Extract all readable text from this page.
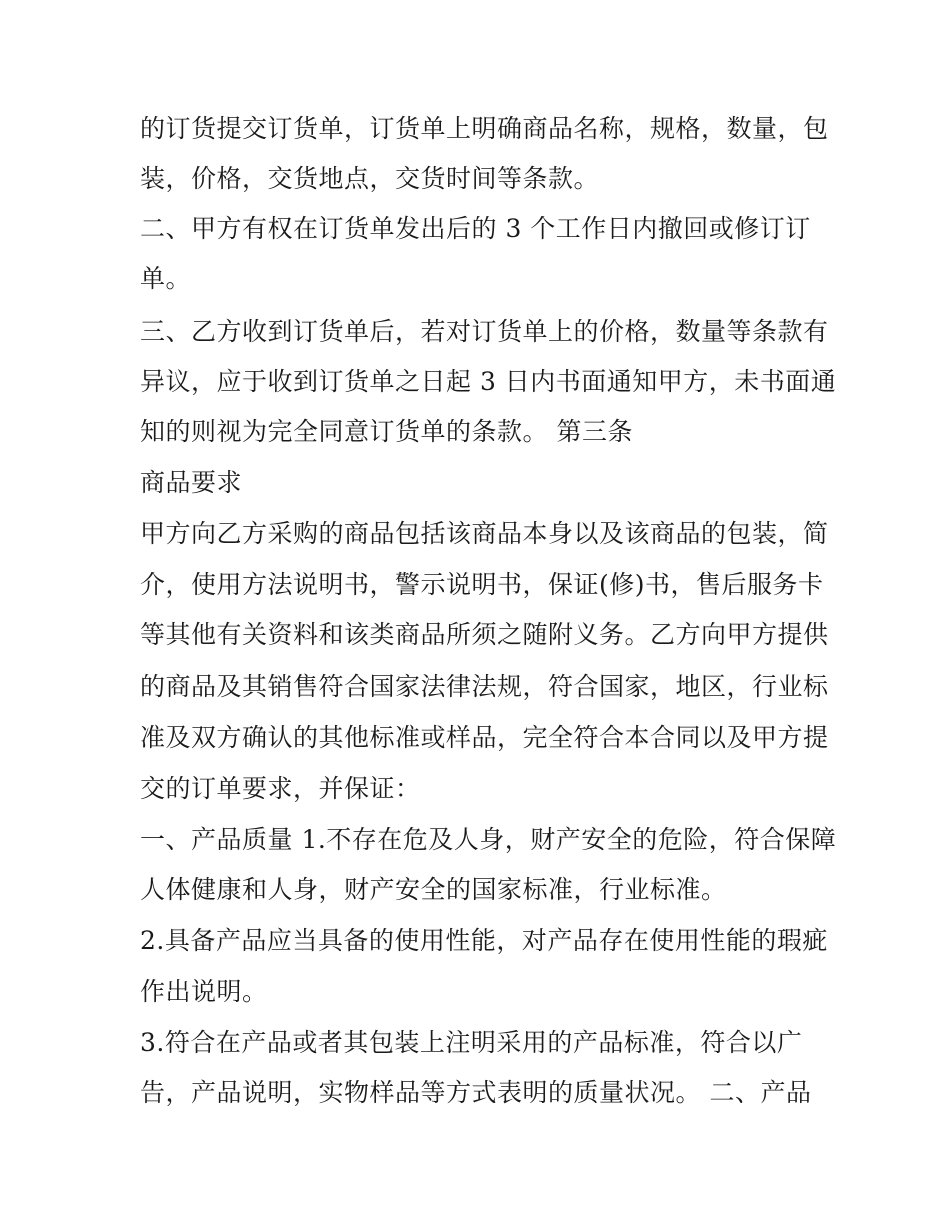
的订货提交订货单，订货单上明确商品名称，规格，数量，包
装，价格，交货地点，交货时间等条款。
二、甲方有权在订货单发出后的 3 个工作日内撤回或修订订
单。
三、乙方收到订货单后，若对订货单上的价格，数量等条款有
异议，应于收到订货单之日起 3 日内书面通知甲方，未书面通
知的则视为完全同意订货单的条款。 第三条
商品要求
甲方向乙方采购的商品包括该商品本身以及该商品的包装，简
介，使用方法说明书，警示说明书，保证(修)书，售后服务卡
等其他有关资料和该类商品所须之随附义务。乙方向甲方提供
的商品及其销售符合国家法律法规，符合国家，地区，行业标
准及双方确认的其他标准或样品，完全符合本合同以及甲方提
交的订单要求，并保证：
一、产品质量 1.不存在危及人身，财产安全的危险，符合保障
人体健康和人身，财产安全的国家标准，行业标准。
2.具备产品应当具备的使用性能，对产品存在使用性能的瑕疵
作出说明。
3.符合在产品或者其包装上注明采用的产品标准，符合以广
告，产品说明，实物样品等方式表明的质量状况。 二、产品
